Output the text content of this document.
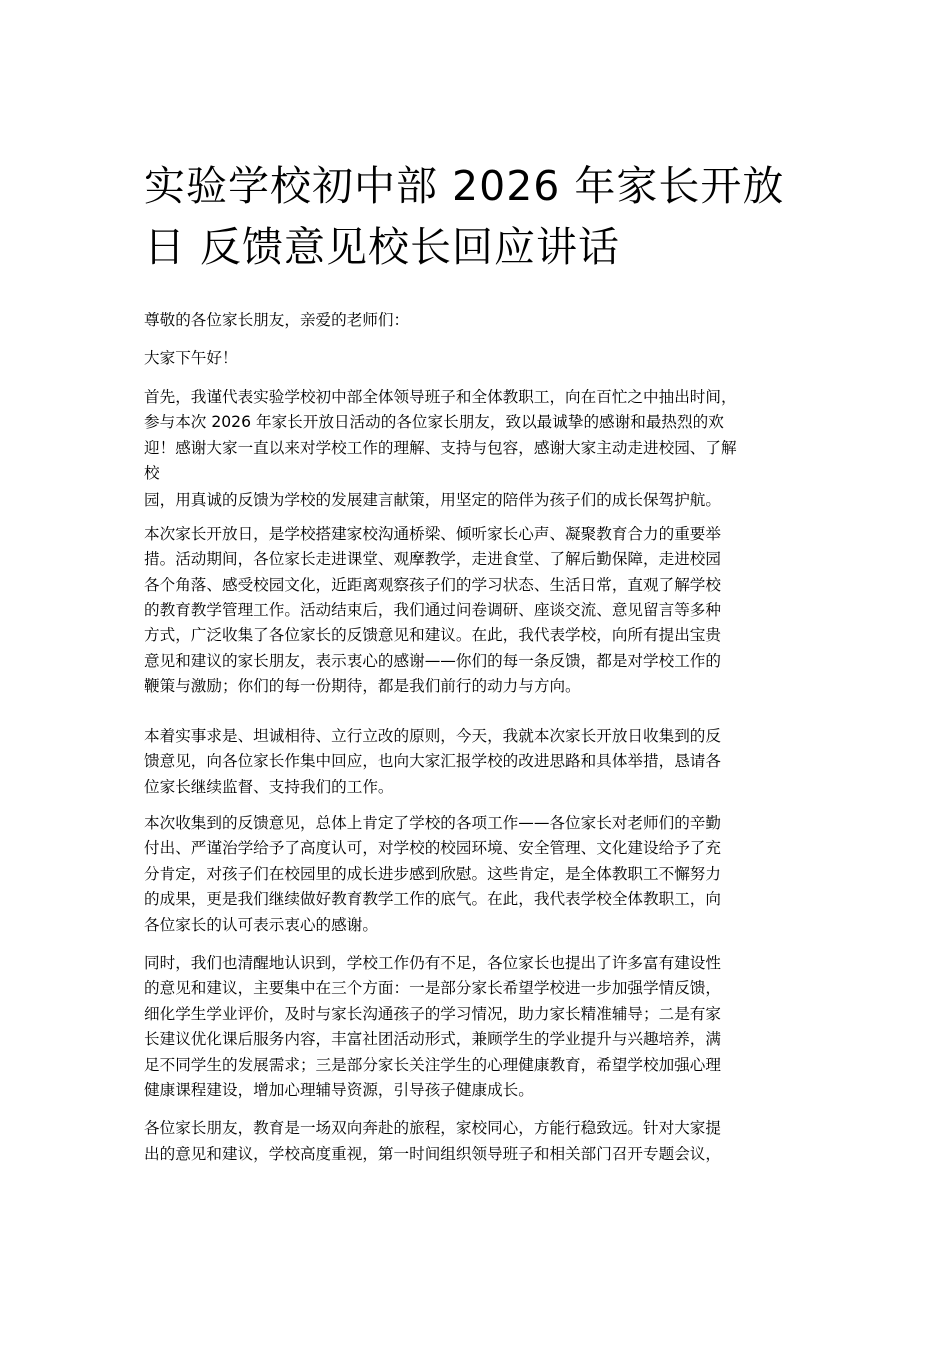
实验学校初中部 2026 年家长开放
日 反馈意见校长回应讲话

尊敬的各位家长朋友，亲爱的老师们：

大家下午好！

首先，我谨代表实验学校初中部全体领导班子和全体教职工，向在百忙之中抽出时间，
参与本次 2026 年家长开放日活动的各位家长朋友，致以最诚挚的感谢和最热烈的欢
迎！感谢大家一直以来对学校工作的理解、支持与包容，感谢大家主动走进校园、了解
校

园，用真诚的反馈为学校的发展建言献策，用坚定的陪伴为孩子们的成长保驾护航。

本次家长开放日，是学校搭建家校沟通桥梁、倾听家长心声、凝聚教育合力的重要举
措。活动期间，各位家长走进课堂、观摩教学，走进食堂、了解后勤保障，走进校园
各个角落、感受校园文化，近距离观察孩子们的学习状态、生活日常，直观了解学校
的教育教学管理工作。活动结束后，我们通过问卷调研、座谈交流、意见留言等多种
方式，广泛收集了各位家长的反馈意见和建议。在此，我代表学校，向所有提出宝贵
意见和建议的家长朋友，表示衷心的感谢——你们的每一条反馈，都是对学校工作的
鞭策与激励；你们的每一份期待，都是我们前行的动力与方向。

本着实事求是、坦诚相待、立行立改的原则，今天，我就本次家长开放日收集到的反
馈意见，向各位家长作集中回应，也向大家汇报学校的改进思路和具体举措，恳请各
位家长继续监督、支持我们的工作。

本次收集到的反馈意见，总体上肯定了学校的各项工作——各位家长对老师们的辛勤
付出、严谨治学给予了高度认可，对学校的校园环境、安全管理、文化建设给予了充
分肯定，对孩子们在校园里的成长进步感到欣慰。这些肯定，是全体教职工不懈努力
的成果，更是我们继续做好教育教学工作的底气。在此，我代表学校全体教职工，向
各位家长的认可表示衷心的感谢。

同时，我们也清醒地认识到，学校工作仍有不足，各位家长也提出了许多富有建设性
的意见和建议，主要集中在三个方面：一是部分家长希望学校进一步加强学情反馈，
细化学生学业评价，及时与家长沟通孩子的学习情况，助力家长精准辅导；二是有家
长建议优化课后服务内容，丰富社团活动形式，兼顾学生的学业提升与兴趣培养，满
足不同学生的发展需求；三是部分家长关注学生的心理健康教育，希望学校加强心理
健康课程建设，增加心理辅导资源，引导孩子健康成长。

各位家长朋友，教育是一场双向奔赴的旅程，家校同心，方能行稳致远。针对大家提
出的意见和建议，学校高度重视，第一时间组织领导班子和相关部门召开专题会议，
